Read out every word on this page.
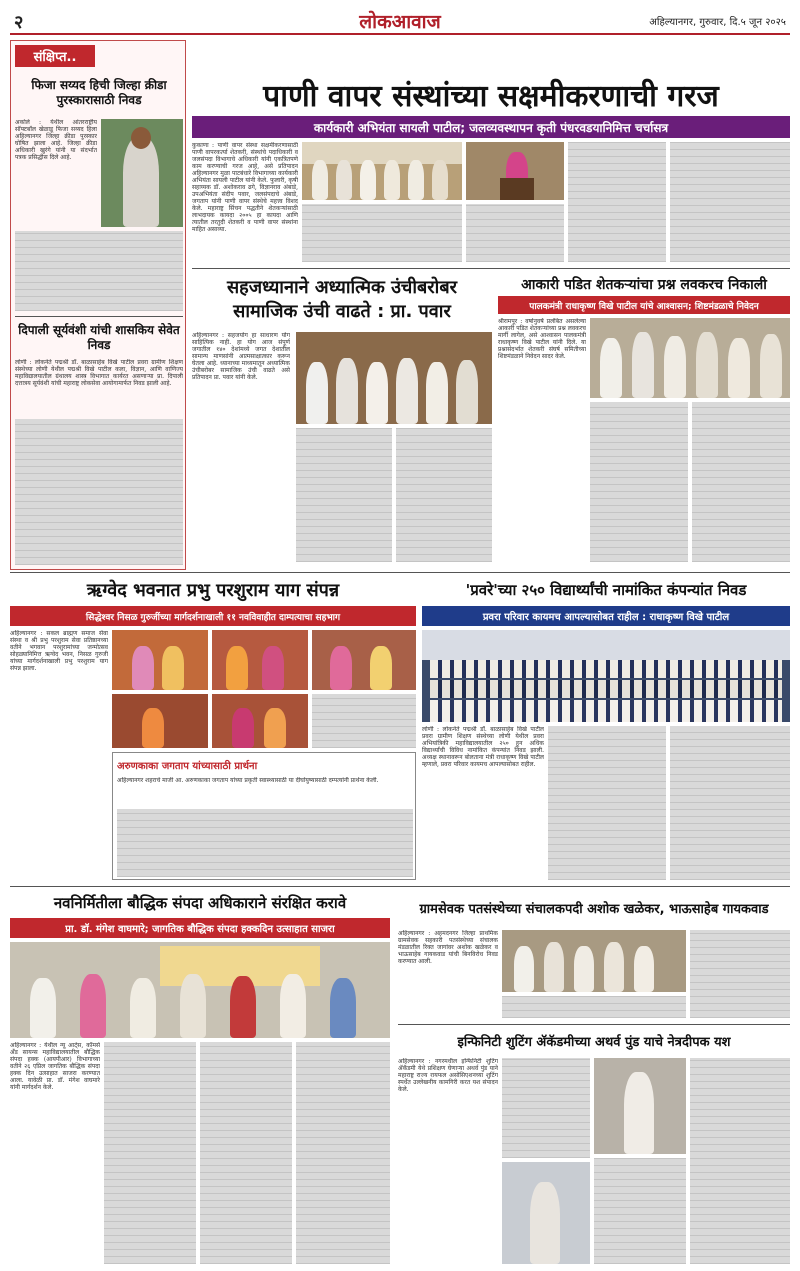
२	लोकआवाज	अहिल्यानगर, गुरुवार, दि.५ जून २०२५
संक्षिप्त..
फिजा सय्यद हिची जिल्हा क्रीडा पुरस्कारासाठी निवड
अकोले : येथील आंतरराष्ट्रीय सॉफ्टबॉल खेळाडू फिजा सय्यद हिला अहिल्यानगर जिल्हा क्रीडा पुरस्कार घोषित झाला आहे. जिल्हा क्रीडा अधिकारी खुरंगे यांनी या संदर्भात पत्रक प्रसिद्धीस दिले आहे.
दिपाली सूर्यवंशी यांची शासकिय सेवेत निवड
लोणी : लोकनेते पद्मश्री डॉ. बाळासाहेब विखे पाटील प्रवरा ग्रामीण शिक्षण संस्थेच्या लोणी येथील पद्मश्री विखे पाटील कला, विज्ञान, आणि वाणिज्य महाविद्यालयातील ग्रंथालय शास्त्र विभागात कार्यरत असणाऱ्या प्रा. दिपाली दत्तात्रय सूर्यवंशी यांची महाराष्ट्र लोकसेवा आयोगामार्फत निवड झाली आहे.
पाणी वापर संस्थांच्या सक्षमीकरणाची गरज
कार्यकारी अभियंता सायली पाटील; जलव्यवस्थापन कृती पंधरवडयानिमित्त चर्चासत्र
कुकाणा : पाणी वापर संस्था सक्षमीकरणासाठी पाणी वापरकर्त्या शेतकरी, संस्थांचे पदाधिकारी व जलसंपदा विभागाचे अधिकारी यांनी एकत्रितपणे काम करण्याची गरज आहे, असे प्रतिपादन अहिल्यानगर मुळा पाटबंधारे विभागाच्या कार्यकारी अभियंता सायली पाटील यांनी केले. फुलारी, कृषी सहाय्यक डॉ. अशोकराव ढगे, विज्ञानराव अंबाडे, उपअभियंता संदीप पवार, जलसंपदाचे अंबाडे, जगताप यांनी पाणी वापर संस्थेचे महत्त्व विशद केले. महाराष्ट्र सिंचन पद्धतीने शेतकऱ्यांसाठी लाभदायक कायदा २००५ हा कायदा आणि त्यातील तरतुदी शेतकरी व पाणी वापर संस्थांना माहित असाव्या.
सहजध्यानाने अध्यात्मिक उंचीबरोबर सामाजिक उंची वाढते : प्रा. पवार
अहिल्यानगर : सहजयोग हा साधारण योग साहित्यिक नाही. हा योग आज संपूर्ण जगातील १४० देशांमध्ये जगत देशातील सामान्य माणसांनी आत्मसाक्षात्कार करून घेतला आहे. ध्यानाच्या माध्यमातून अध्यात्मिक उंचीबरोबर सामाजिक उंची वाढते असे प्रतिपादन प्रा. पवार यांनी केले.
आकारी पडित शेतकऱ्यांचा प्रश्न लवकरच निकाली
पालकमंत्री राधाकृष्ण विखे पाटील यांचे आश्वासन; शिष्टमंडळाचे निवेदन
श्रीरामपूर : वर्षानुवर्षे प्रलंबित असलेल्या आकारी पडित शेतकऱ्यांच्या प्रश्न लवकरच मार्गी लागेल, असे आश्वासन पालकमंत्री राधाकृष्ण विखे पाटील यांनी दिले. या प्रश्नासंदर्भात शेतकरी संघर्ष समितीच्या शिष्टमंडळाने निवेदन सादर केले.
ऋग्वेद भवनात प्रभु परशुराम याग संपन्न
सिद्धेश्वर निसळ गुरुजींच्या मार्गदर्शनाखाली ११ नवविवाहीत दाम्पत्याचा सहभाग
अहिल्यानगर : सकल ब्राह्मण समाज सेवा संस्था व श्री प्रभु परशुराम सेवा प्रतिष्ठानच्या वतीने भगवान परशुरामांच्या जन्मोत्सव सोहळ्यानिमित्त ऋग्वेद भवन, निसळ गुरुजी यांच्या मार्गदर्शनाखाली प्रभु परशुराम याग संपन्न झाला.
अरुणकाका जगताप यांच्यासाठी प्रार्थना
अहिल्यानगर शहराचे माजी आ. अरुणकाका जगताप यांच्या प्रकृती स्वास्थ्यासाठी या दीर्घायुष्यासाठी दम्पत्यांनी प्रार्थना केली.
'प्रवरे'च्या २५० विद्यार्थ्यांची नामांकित कंपन्यांत निवड
प्रवरा परिवार कायमच आपल्यासोबत राहील : राधाकृष्ण विखे पाटील
लोणी : लोकनेते पद्मश्री डॉ. बाळासाहेब विखे पाटील प्रवरा ग्रामीण शिक्षण संस्थेच्या लोणी येथील प्रवरा अभियांत्रिकी महाविद्यालयातील २५० हून अधिक विद्यार्थ्यांची विविध नामांकित कंपन्यांत निवड झाली. अध्यक्ष स्थानावरून बोलताना मंत्री राधाकृष्ण विखे पाटील म्हणाले, प्रवरा परिवार कायमच आपल्यासोबत राहील.
नवनिर्मितीला बौद्धिक संपदा अधिकाराने संरक्षित करावे
प्रा. डॉ. मंगेश वाघमारे; जागतिक बौद्धिक संपदा हक्कदिन उत्साहात साजरा
अहिल्यानगर : येथील न्यू आर्ट्स, कॉमर्स अँड सायन्स महाविद्यालयातील बौद्धिक संपदा हक्क (आयपीआर) विभागाच्या वतीने २६ एप्रिल जागतिक बौद्धिक संपदा हक्क दिन उत्साहात साजरा करण्यात आला. यावेळी प्रा. डॉ. मंगेश वाघमारे यांनी मार्गदर्शन केले.
ग्रामसेवक पतसंस्थेच्या संचालकपदी अशोक खळेकर, भाऊसाहेब गायकवाड
अहिल्यानगर : अहमदनगर जिल्हा प्राथमिक ग्रामसेवक सहकारी पतसंस्थेच्या संचालक मंडळातील रिक्त जागांवर अशोक खळेकर व भाऊसाहेब गायकवाड यांची बिनविरोध निवड करण्यात आली.
इन्फिनिटी शुटिंग ॲकॅडमीच्या अथर्व पुंड याचे नेत्रदीपक यश
अहिल्यानगर : नगरमधील इन्फिनिटी शुटिंग ॲकॅडमी येथे प्रशिक्षण घेणाऱ्या अथर्व पुंड याने महाराष्ट्र राज्य रायफल असोसिएशनच्या शुटिंग स्पर्धेत उल्लेखनीय कामगिरी करत यश संपादन केले.
